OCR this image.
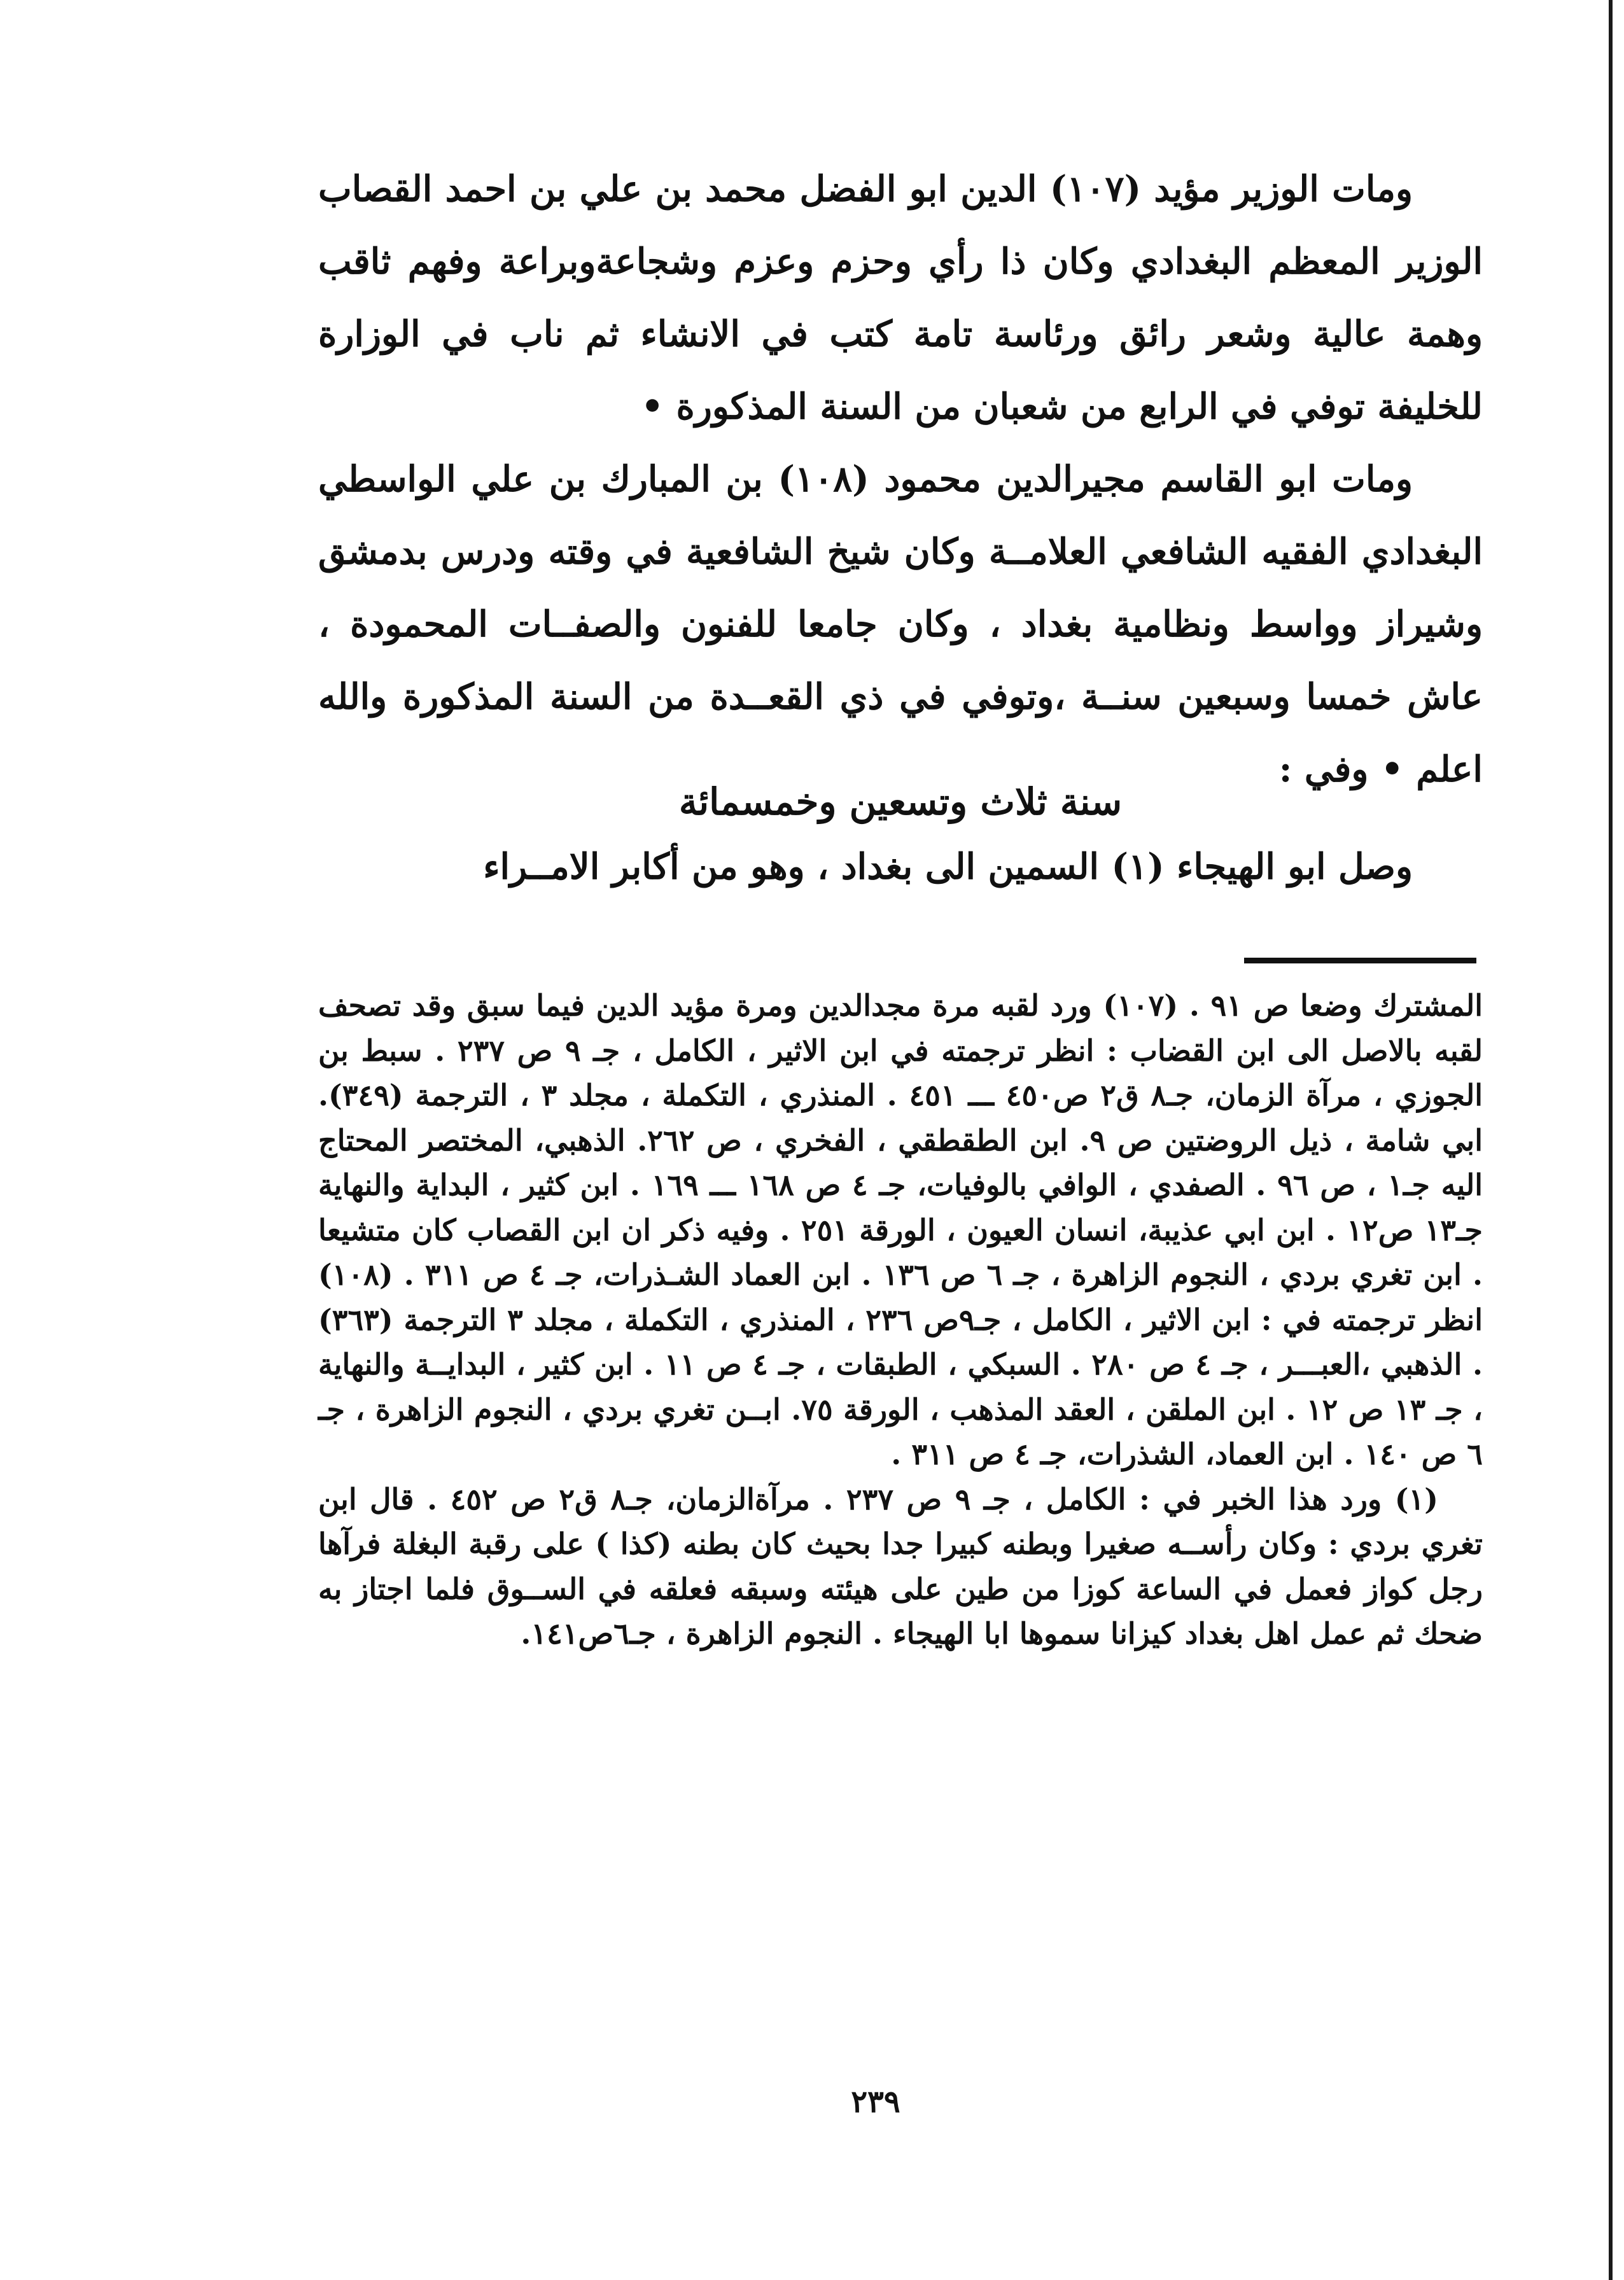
ومات الوزير مؤيد (١٠٧) الدين ابو الفضل محمد بن علي بن احمد القصاب الوزير المعظم البغدادي وكان ذا رأي وحزم وعزم وشجاعةوبراعة وفهم ثاقب وهمة عالية وشعر رائق ورئاسة تامة كتب في الانشاء ثم ناب في الوزارة للخليفة توفي في الرابع من شعبان من السنة المذكورة •

ومات ابو القاسم مجيرالدين محمود (١٠٨) بن المبارك بن علي الواسطي البغدادي الفقيه الشافعي العلامــة وكان شيخ الشافعية في وقته ودرس بدمشق وشيراز وواسط ونظامية بغداد ، وكان جامعا للفنون والصفــات المحمودة ، عاش خمسا وسبعين سنــة ،وتوفي في ذي القعــدة من السنة المذكورة والله اعلم • وفي :

سنة ثلاث وتسعين وخمسمائة

وصل ابو الهيجاء (١) السمين الى بغداد ، وهو من أكابر الامــراء

المشترك وضعا ص ٩١ . (١٠٧) ورد لقبه مرة مجدالدين ومرة مؤيد الدين فيما سبق وقد تصحف لقبه بالاصل الى ابن القضاب : انظر ترجمته في ابن الاثير ، الكامل ، جـ ٩ ص ٢٣٧ . سبط بن الجوزي ، مرآة الزمان، جـ٨ ق٢ ص٤٥٠ ـــ ٤٥١ . المنذري ، التكملة ، مجلد ٣ ، الترجمة (٣٤٩). ابي شامة ، ذيل الروضتين ص ٩. ابن الطقطقي ، الفخري ، ص ٢٦٢. الذهبي، المختصر المحتاج اليه جـ١ ، ص ٩٦ . الصفدي ، الوافي بالوفيات، جـ ٤ ص ١٦٨ ـــ ١٦٩ . ابن كثير ، البداية والنهاية جـ١٣ ص١٢ . ابن ابي عذيبة، انسان العيون ، الورقة ٢٥١ . وفيه ذكر ان ابن القصاب كان متشيعا . ابن تغري بردي ، النجوم الزاهرة ، جـ ٦ ص ١٣٦ . ابن العماد الشـذرات، جـ ٤ ص ٣١١ . (١٠٨) انظر ترجمته في : ابن الاثير ، الكامل ، جـ٩ص ٢٣٦ ، المنذري ، التكملة ، مجلد ٣ الترجمة (٣٦٣) . الذهبي ،العبـــر ، جـ ٤ ص ٢٨٠ . السبكي ، الطبقات ، جـ ٤ ص ١١ . ابن كثير ، البدايــة والنهاية ، جـ ١٣ ص ١٢ . ابن الملقن ، العقد المذهب ، الورقة ٧٥. ابــن تغري بردي ، النجوم الزاهرة ، جـ ٦ ص ١٤٠ . ابن العماد، الشذرات، جـ ٤ ص ٣١١ .

(١) ورد هذا الخبر في : الكامل ، جـ ٩ ص ٢٣٧ . مرآةالزمان، جـ٨ ق٢ ص ٤٥٢ . قال ابن تغري بردي : وكان رأســه صغيرا وبطنه كبيرا جدا بحيث كان بطنه (كذا ) على رقبة البغلة فرآها رجل كواز فعمل في الساعة كوزا من طين على هيئته وسبقه فعلقه في الســوق فلما اجتاز به ضحك ثم عمل اهل بغداد كيزانا سموها ابا الهيجاء . النجوم الزاهرة ، جـ٦ص١٤١.

٢٣٩
